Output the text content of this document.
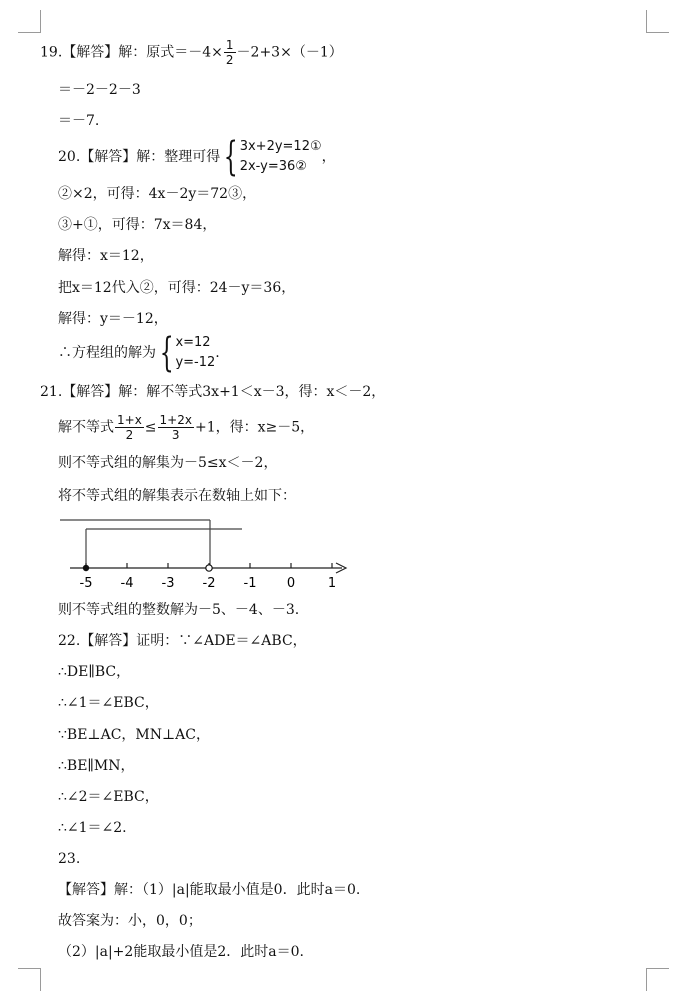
19.【解答】解：原式$=-4\times \frac{1}{2} -2+3\times(-1)$
＝－2－2－3
＝－7.
20.【解答】解：整理可得 { 3x+2y=12①
2x-y=36②
，
②×2，可得：4x－2y＝72③，
③+①，可得：7x＝84，
解得：x＝12，
把x＝12代入②，可得：24－y＝36，
解得：y＝－12，
∴方程组的解为 { x=12
y=-12
.
21.【解答】解：解不等式3x+1＜x－3，得：x＜－2，
解不等式 $\frac{1+x}{2} \le \frac{1+2x}{3} +1$，得：x≥－5，
则不等式组的解集为－5≤x＜－2，
将不等式组的解集表示在数轴上如下：
-5 -4 -3 -2 -1 0	1
则不等式组的整数解为－5、－4、－3.
22.【解答】证明：∵∠ADE＝∠ABC，
∴DE∥BC，
∴∠1＝∠EBC，
∵BE⊥AC，MN⊥AC，
∴BE∥MN，
∴∠2＝∠EBC，
∴∠1＝∠2.
23.
【解答】解：（1）|a|能取最小值是0．此时a＝0.
故答案为：小，0，0；
（2）|a|+2能取最小值是2．此时a＝0.
